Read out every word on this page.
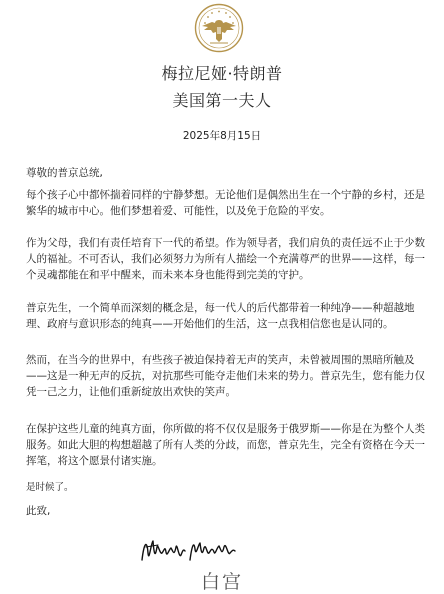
梅拉尼娅·特朗普
美国第一夫人
2025年8月15日
尊敬的普京总统,
每个孩子心中都怀揣着同样的宁静梦想。无论他们是偶然出生在一个宁静的乡村，还是繁华的城市中心。他们梦想着爱、可能性，以及免于危险的平安。
作为父母，我们有责任培育下一代的希望。作为领导者，我们肩负的责任远不止于少数人的福祉。不可否认，我们必须努力为所有人描绘一个充满尊严的世界——这样，每一个灵魂都能在和平中醒来，而未来本身也能得到完美的守护。
普京先生，一个简单而深刻的概念是，每一代人的后代都带着一种纯净——种超越地理、政府与意识形态的纯真——开始他们的生活，这一点我相信您也是认同的。
然而，在当今的世界中，有些孩子被迫保持着无声的笑声，未曾被周围的黑暗所触及——这是一种无声的反抗，对抗那些可能夺走他们未来的势力。普京先生，您有能力仅凭一己之力，让他们重新绽放出欢快的笑声。
在保护这些儿童的纯真方面，你所做的将不仅仅是服务于俄罗斯——你是在为整个人类服务。如此大胆的构想超越了所有人类的分歧，而您，普京先生，完全有资格在今天一挥笔，将这个愿景付诸实施。
是时候了。
此致,
白宫
